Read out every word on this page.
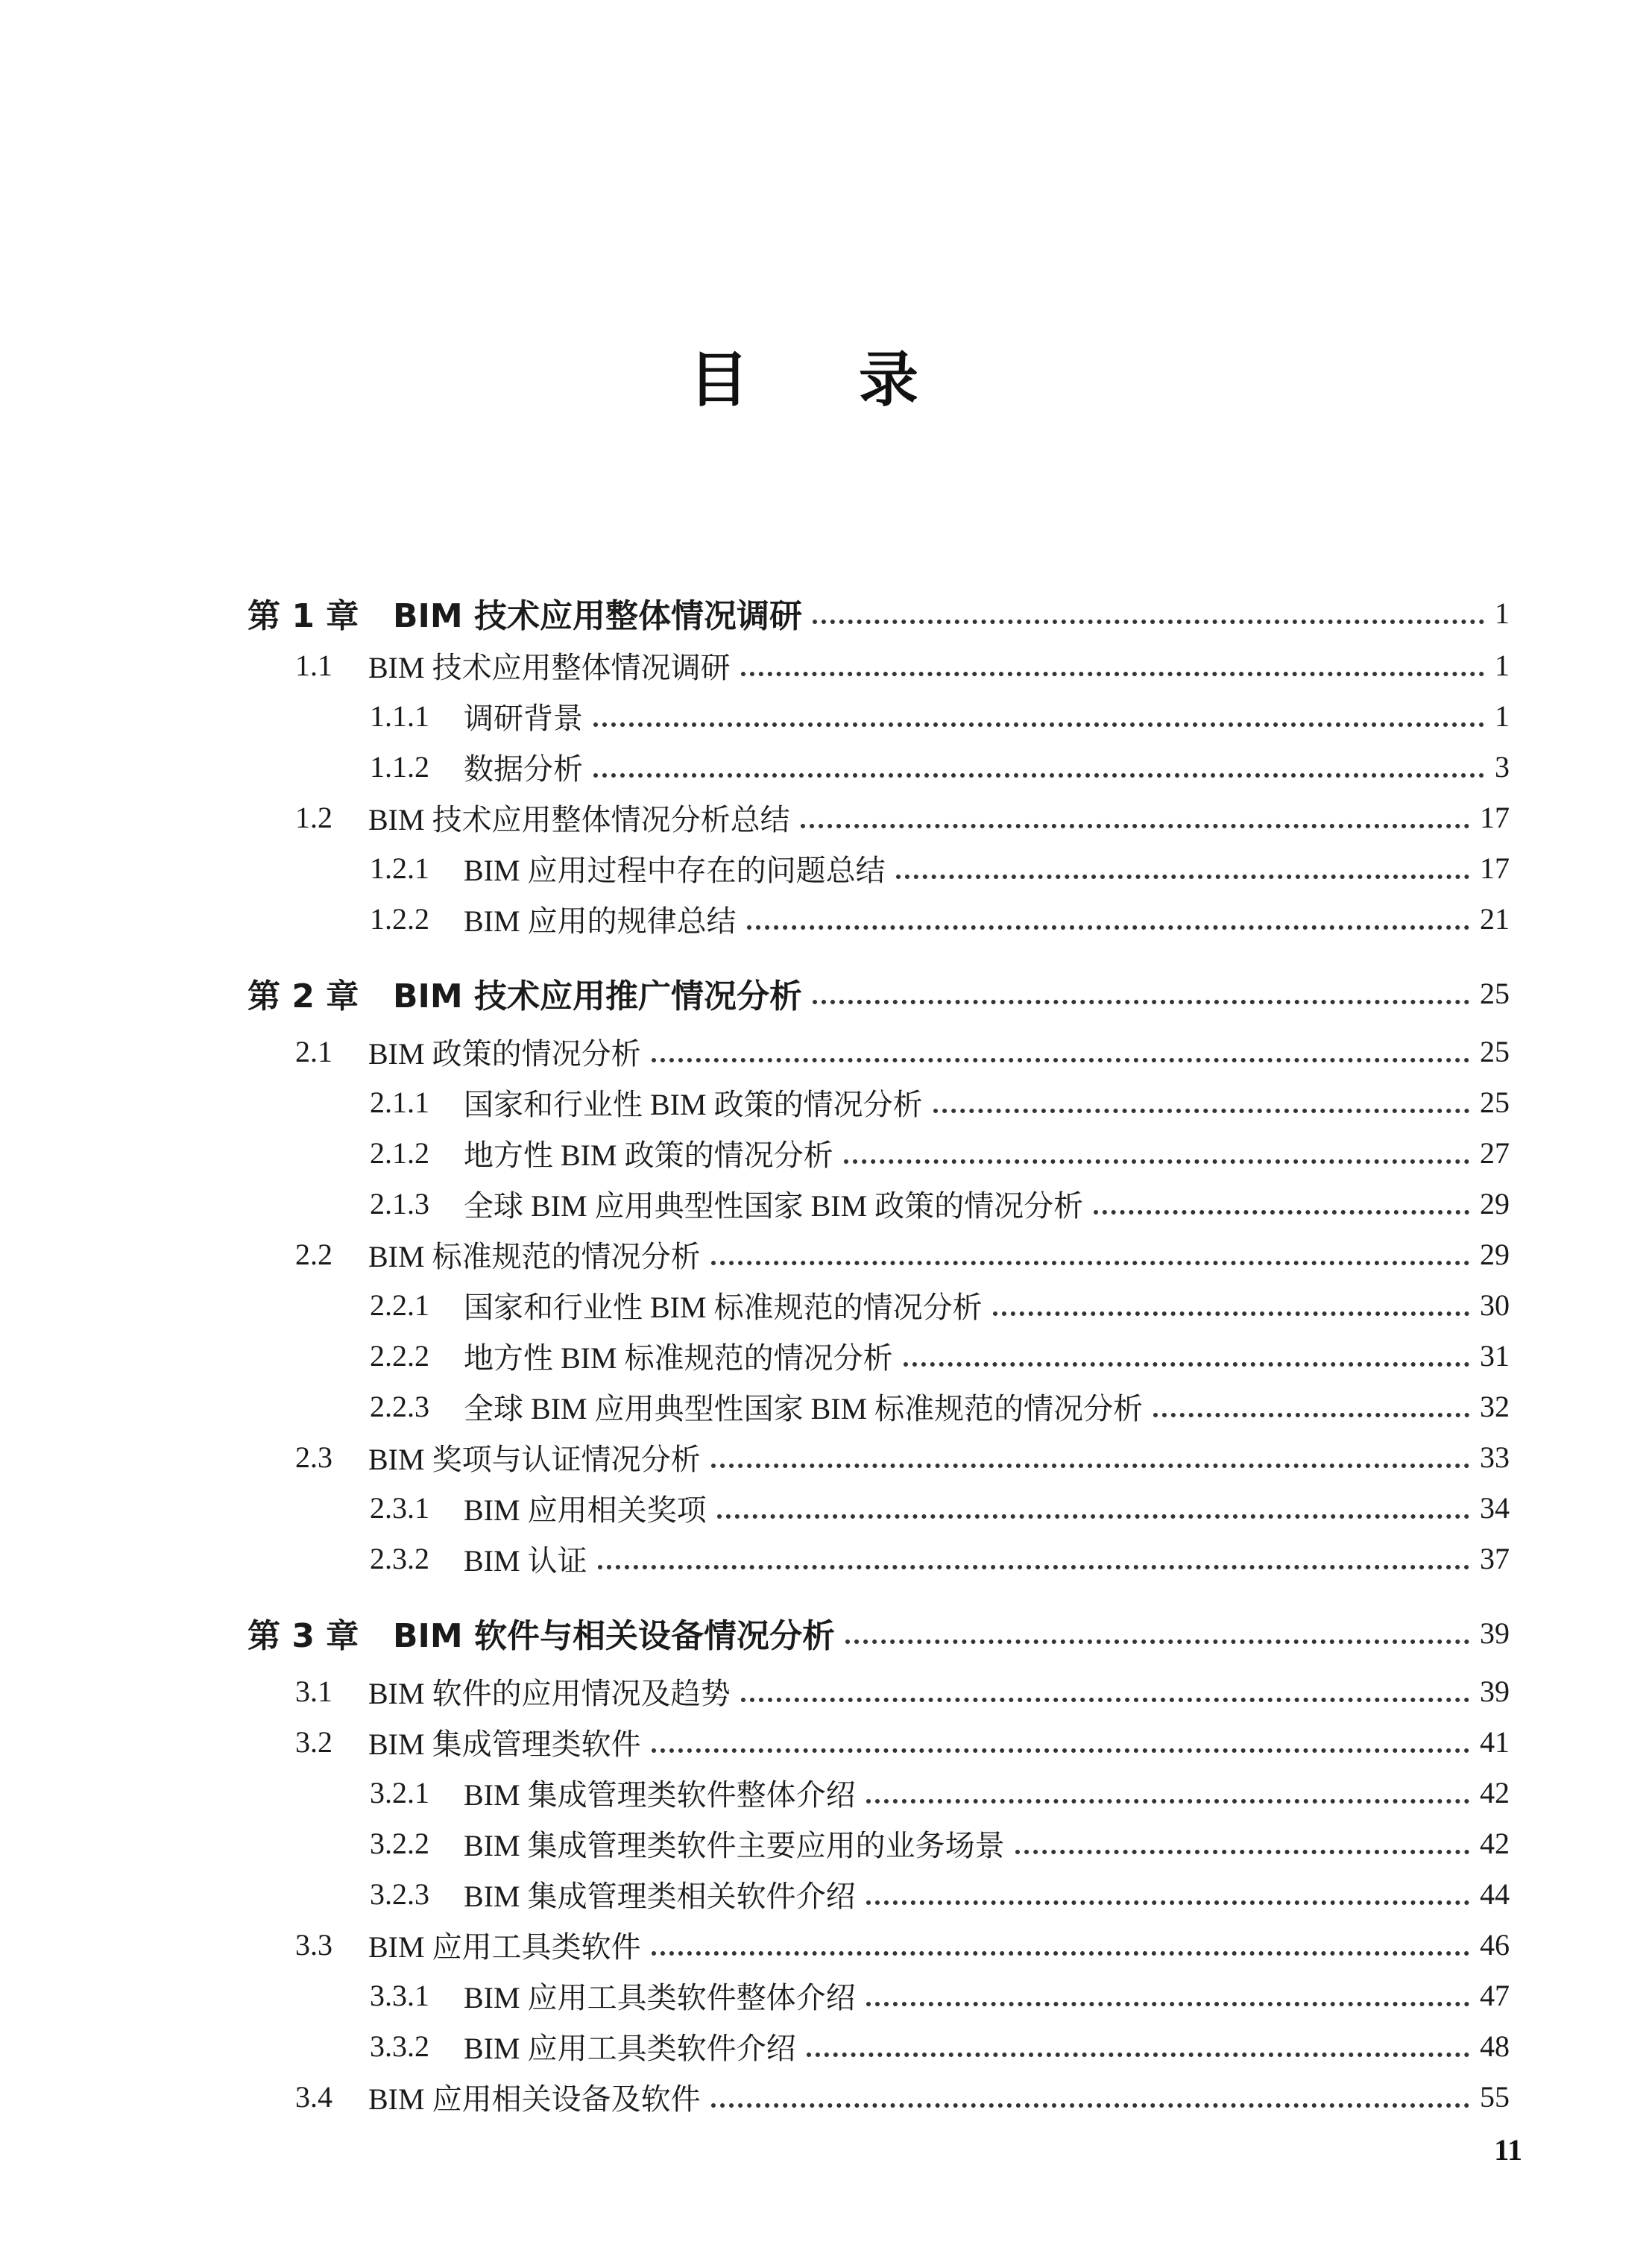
目 录
第 1 章	BIM 技术应用整体情况调研	1
1.1	BIM 技术应用整体情况调研	1
1.1.1	调研背景	1
1.1.2	数据分析	3
1.2	BIM 技术应用整体情况分析总结	17
1.2.1	BIM 应用过程中存在的问题总结	17
1.2.2	BIM 应用的规律总结	21
第 2 章	BIM 技术应用推广情况分析	25
2.1	BIM 政策的情况分析	25
2.1.1	国家和行业性 BIM 政策的情况分析	25
2.1.2	地方性 BIM 政策的情况分析	27
2.1.3	全球 BIM 应用典型性国家 BIM 政策的情况分析	29
2.2	BIM 标准规范的情况分析	29
2.2.1	国家和行业性 BIM 标准规范的情况分析	30
2.2.2	地方性 BIM 标准规范的情况分析	31
2.2.3	全球 BIM 应用典型性国家 BIM 标准规范的情况分析	32
2.3	BIM 奖项与认证情况分析	33
2.3.1	BIM 应用相关奖项	34
2.3.2	BIM 认证	37
第 3 章	BIM 软件与相关设备情况分析	39
3.1	BIM 软件的应用情况及趋势	39
3.2	BIM 集成管理类软件	41
3.2.1	BIM 集成管理类软件整体介绍	42
3.2.2	BIM 集成管理类软件主要应用的业务场景	42
3.2.3	BIM 集成管理类相关软件介绍	44
3.3	BIM 应用工具类软件	46
3.3.1	BIM 应用工具类软件整体介绍	47
3.3.2	BIM 应用工具类软件介绍	48
3.4	BIM 应用相关设备及软件	55
11
